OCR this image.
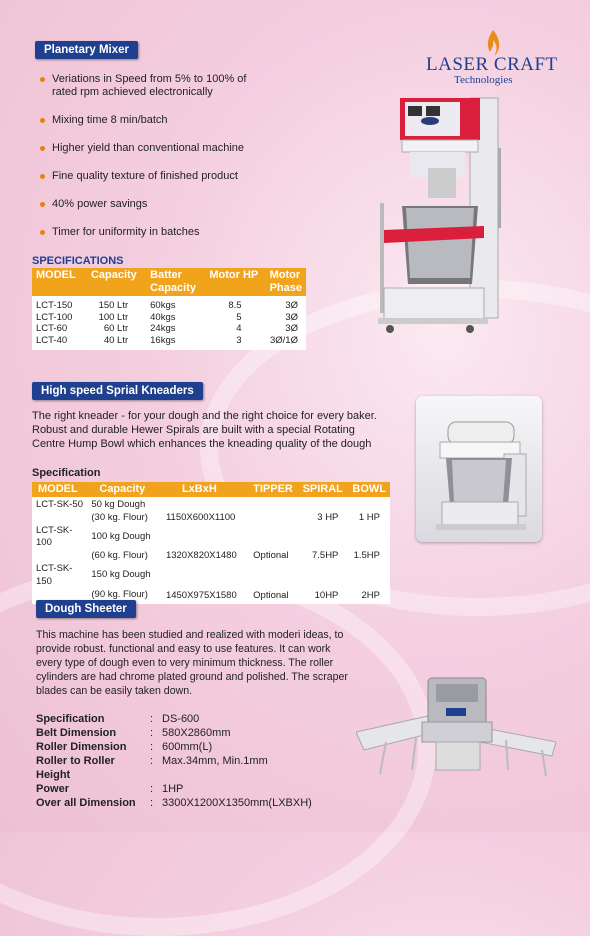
LASER CRAFT
Technologies
Planetary Mixer
Veriations in Speed from 5% to 100% of rated rpm achieved electronically
Mixing time 8 min/batch
Higher yield than conventional machine
Fine quality texture of finished product
40% power savings
Timer for uniformity in batches
SPECIFICATIONS
MODEL	Capacity	Batter Capacity	Motor HP	Motor Phase
LCT-150	150 Ltr	60kgs	8.5	3Ø
LCT-100	100 Ltr	40kgs	5	3Ø
LCT-60	60 Ltr	24kgs	4	3Ø
LCT-40	40 Ltr	16kgs	3	3Ø/1Ø
High speed Sprial Kneaders
The right kneader - for your dough and the right choice for every baker. Robust and durable Hewer Spirals are built with a special Rotating Centre Hump Bowl which enhances the kneading quality of the dough
Specification
MODEL	Capacity	LxBxH	TIPPER	SPIRAL	BOWL
LCT-SK-50	50 kg Dough				
	(30 kg. Flour)	1150X600X1100		3 HP	1 HP
LCT-SK-100	100 kg Dough				
	(60 kg. Flour)	1320X820X1480	Optional	7.5HP	1.5HP
LCT-SK-150	150 kg Dough				
	(90 kg. Flour)	1450X975X1580	Optional	10HP	2HP
Dough Sheeter
This machine has been studied and realized with moderi ideas, to provide robust. functional and easy to use features. It can work every type of dough even to very minimum thickness. The roller cylinders are had chrome plated ground and polished. The scraper blades can be easily taken down.
Specification	: DS-600
Belt Dimension	: 580X2860mm
Roller Dimension	: 600mm(L)
Roller to Roller Height
: Max.34mm, Min.1mm
Power	: 1HP
Over all Dimension	: 3300X1200X1350mm(LXBXH)
